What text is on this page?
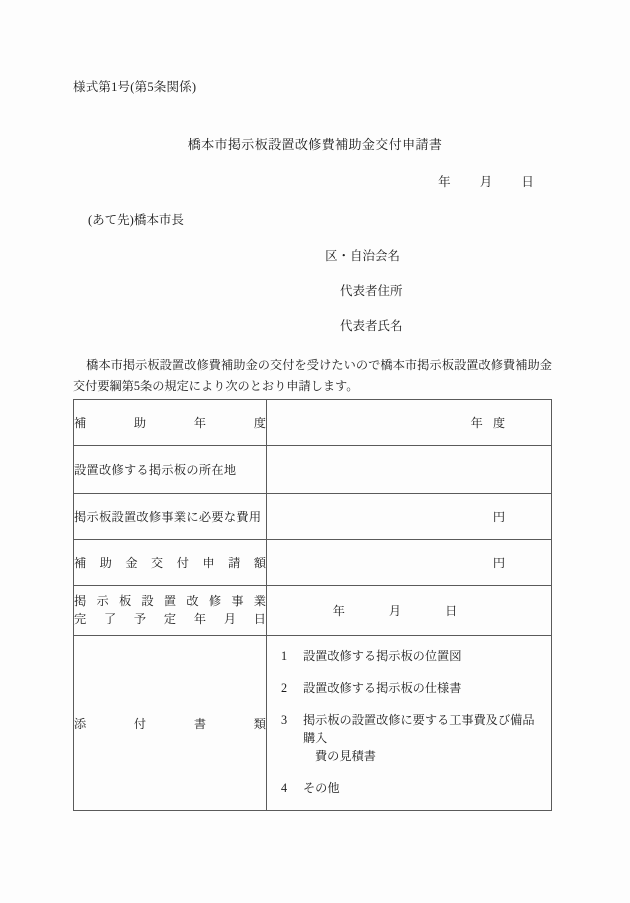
様式第1号(第5条関係)
橋本市掲示板設置改修費補助金交付申請書
年 月 日
(あて先)橋本市長
区・自治会名
代表者住所
代表者氏名
橋本市掲示板設置改修費補助金の交付を受けたいので橋本市掲示板設置改修費補助金交付要綱第5条の規定により次のとおり申請します。
補助年度	年 度

設置改修する掲示板の所在地	

掲示板設置改修事業に必要な費用	円

補助金交付申請額	円

掲示板設置改修事業
完了予定年月日	年 月 日

添付書類

1	設置改修する掲示板の位置図
2	設置改修する掲示板の仕様書
3	掲示板の設置改修に要する工事費及び備品購入
費の見積書
4	その他
